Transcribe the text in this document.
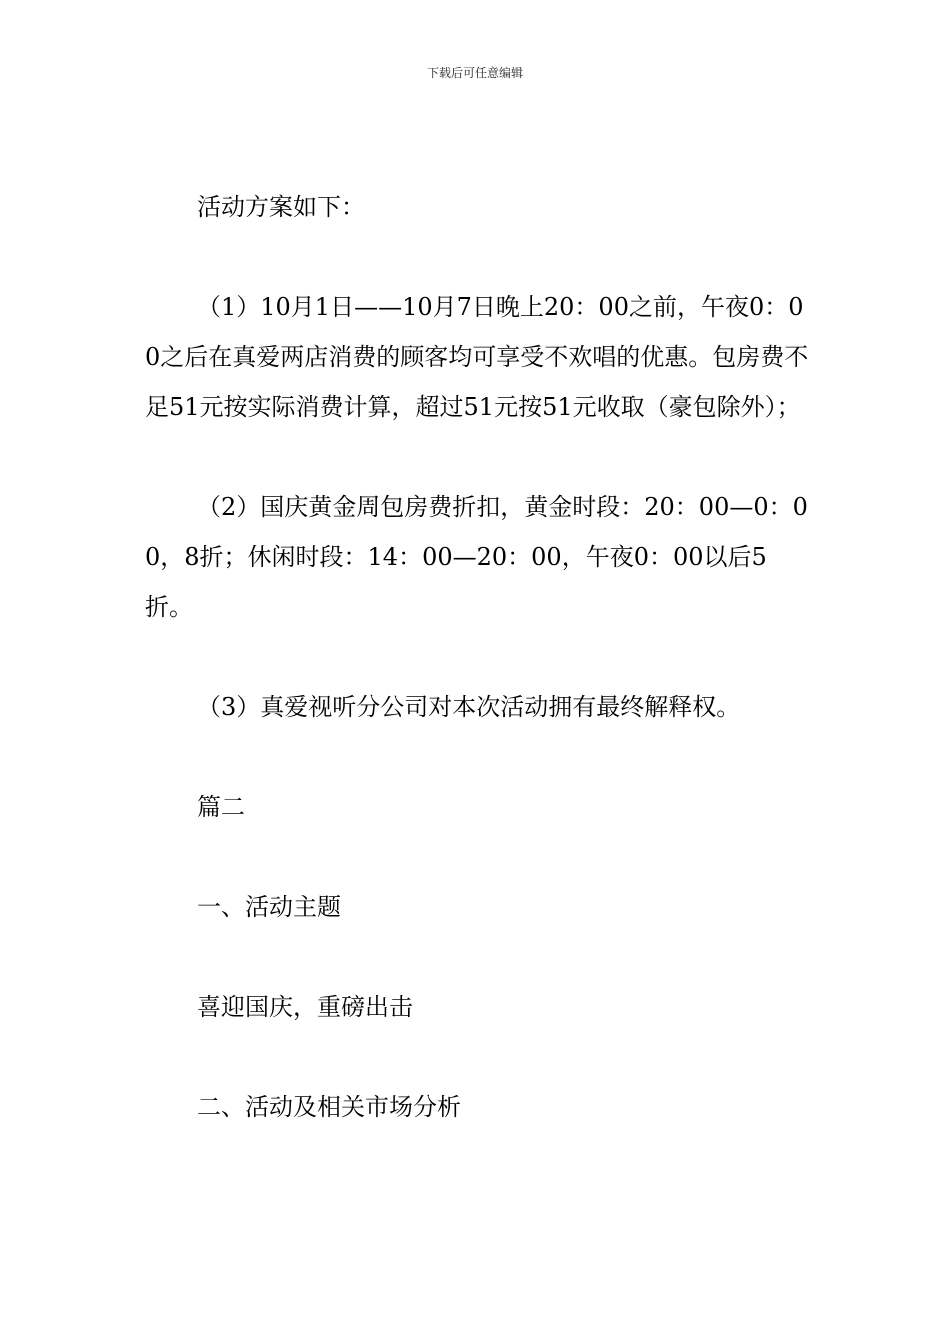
下载后可任意编辑

活动方案如下：

（1）10月1日——10月7日晚上20：00之前，午夜0：00之后在真爱两店消费的顾客均可享受不欢唱的优惠。包房费不足51元按实际消费计算，超过51元按51元收取（豪包除外）；

（2）国庆黄金周包房费折扣，黄金时段：20：00—0：00，8折；休闲时段：14：00—20：00，午夜0：00以后5折。

（3）真爱视听分公司对本次活动拥有最终解释权。

篇二

一、活动主题

喜迎国庆，重磅出击

二、活动及相关市场分析
